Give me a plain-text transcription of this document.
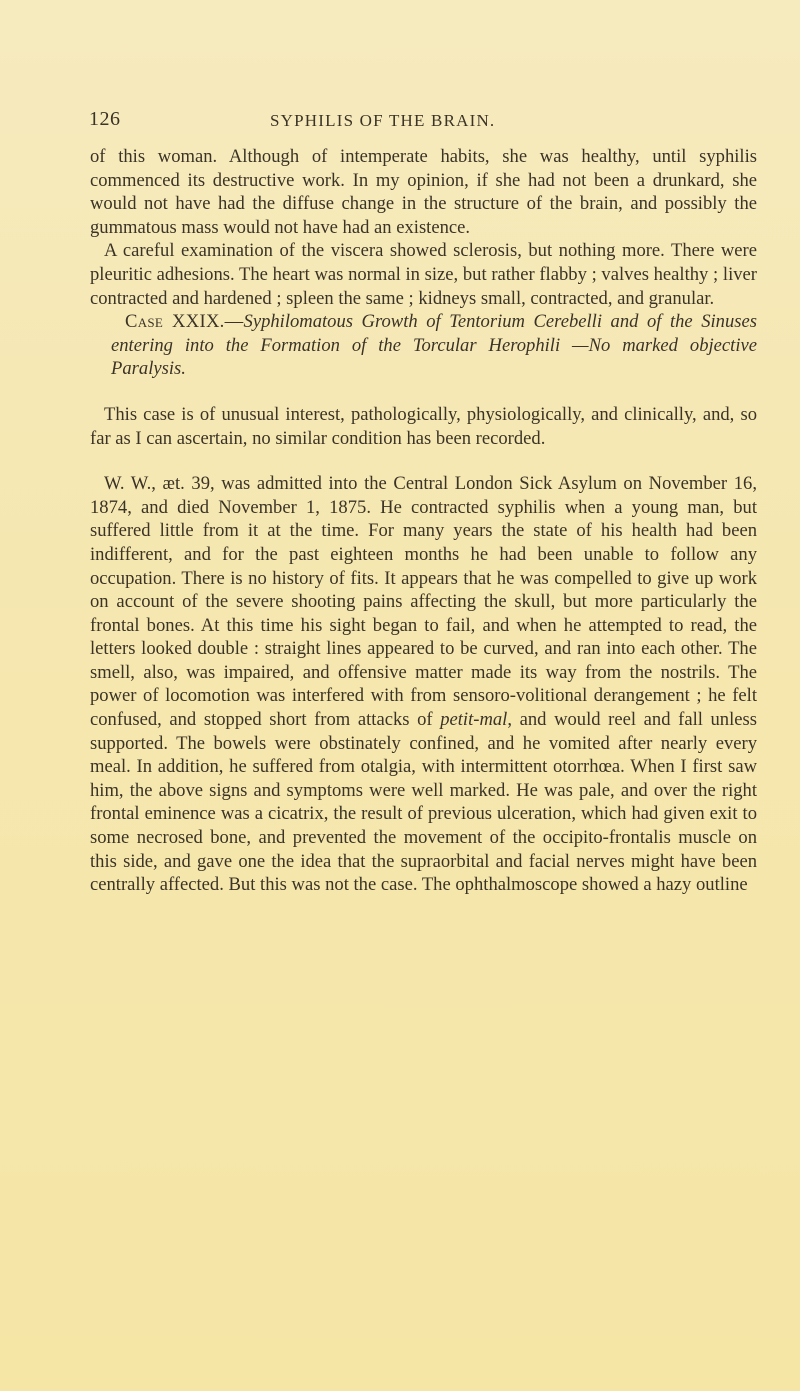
126	SYPHILIS OF THE BRAIN.

of this woman. Although of intemperate habits, she was healthy, until syphilis commenced its destructive work. In my opinion, if she had not been a drunkard, she would not have had the diffuse change in the structure of the brain, and possibly the gummatous mass would not have had an existence.

A careful examination of the viscera showed sclerosis, but nothing more. There were pleuritic adhesions. The heart was normal in size, but rather flabby ; valves healthy ; liver contracted and hardened ; spleen the same ; kidneys small, contracted, and granular.

Case XXIX.—Syphilomatous Growth of Tentorium Cerebelli and of the Sinuses entering into the Formation of the Torcular Herophili —No marked objective Paralysis.

This case is of unusual interest, pathologically, physiologically, and clinically, and, so far as I can ascertain, no similar condition has been recorded.

W. W., æt. 39, was admitted into the Central London Sick Asylum on November 16, 1874, and died November 1, 1875. He contracted syphilis when a young man, but suffered little from it at the time. For many years the state of his health had been indifferent, and for the past eighteen months he had been unable to follow any occupation. There is no history of fits. It appears that he was compelled to give up work on account of the severe shooting pains affecting the skull, but more particularly the frontal bones. At this time his sight began to fail, and when he attempted to read, the letters looked double : straight lines appeared to be curved, and ran into each other. The smell, also, was impaired, and offensive matter made its way from the nostrils. The power of locomotion was interfered with from sensoro-volitional derangement ; he felt confused, and stopped short from attacks of petit-mal, and would reel and fall unless supported. The bowels were obstinately confined, and he vomited after nearly every meal. In addition, he suffered from otalgia, with intermittent otorrhœa. When I first saw him, the above signs and symptoms were well marked. He was pale, and over the right frontal eminence was a cicatrix, the result of previous ulceration, which had given exit to some necrosed bone, and prevented the movement of the occipito-frontalis muscle on this side, and gave one the idea that the supraorbital and facial nerves might have been centrally affected. But this was not the case. The ophthalmoscope showed a hazy outline
